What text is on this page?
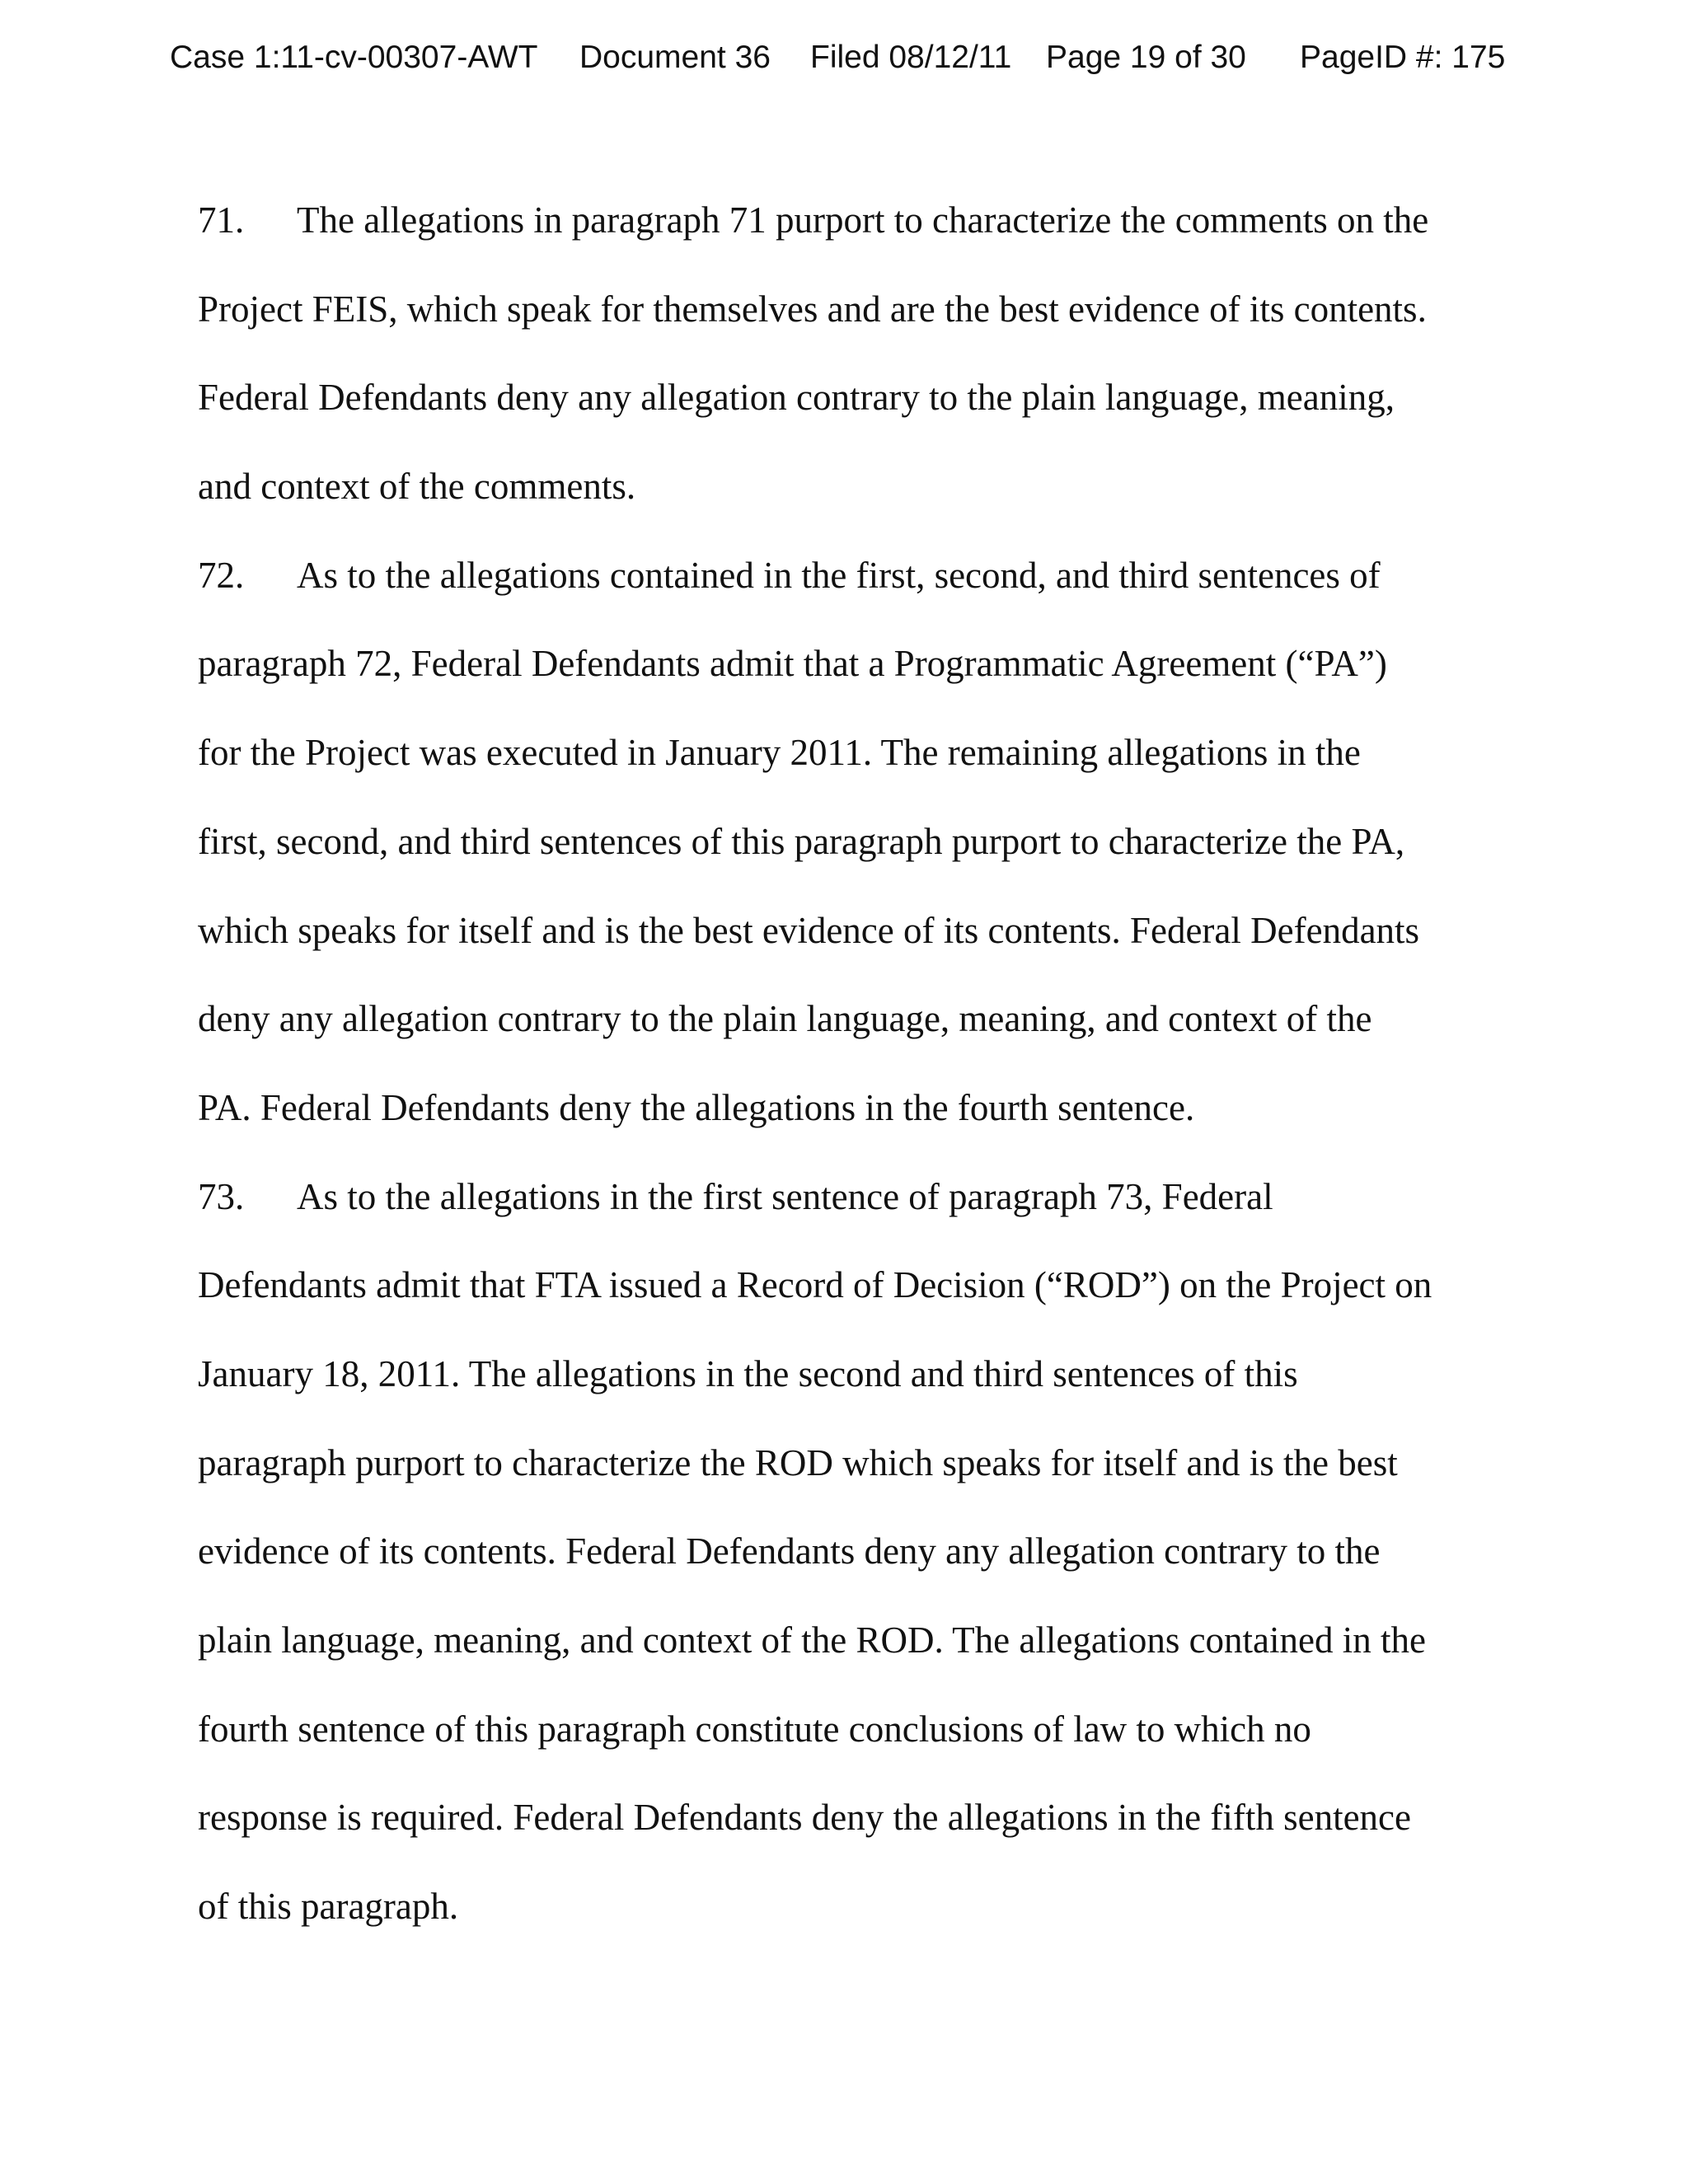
Case 1:11-cv-00307-AWT Document 36 Filed 08/12/11 Page 19 of 30 PageID #: 175
71. The allegations in paragraph 71 purport to characterize the comments on the
Project FEIS, which speak for themselves and are the best evidence of its contents.
Federal Defendants deny any allegation contrary to the plain language, meaning,
and context of the comments.
72. As to the allegations contained in the first, second, and third sentences of
paragraph 72, Federal Defendants admit that a Programmatic Agreement (“PA”)
for the Project was executed in January 2011. The remaining allegations in the
first, second, and third sentences of this paragraph purport to characterize the PA,
which speaks for itself and is the best evidence of its contents. Federal Defendants
deny any allegation contrary to the plain language, meaning, and context of the
PA. Federal Defendants deny the allegations in the fourth sentence.
73. As to the allegations in the first sentence of paragraph 73, Federal
Defendants admit that FTA issued a Record of Decision (“ROD”) on the Project on
January 18, 2011. The allegations in the second and third sentences of this
paragraph purport to characterize the ROD which speaks for itself and is the best
evidence of its contents. Federal Defendants deny any allegation contrary to the
plain language, meaning, and context of the ROD. The allegations contained in the
fourth sentence of this paragraph constitute conclusions of law to which no
response is required. Federal Defendants deny the allegations in the fifth sentence
of this paragraph.
